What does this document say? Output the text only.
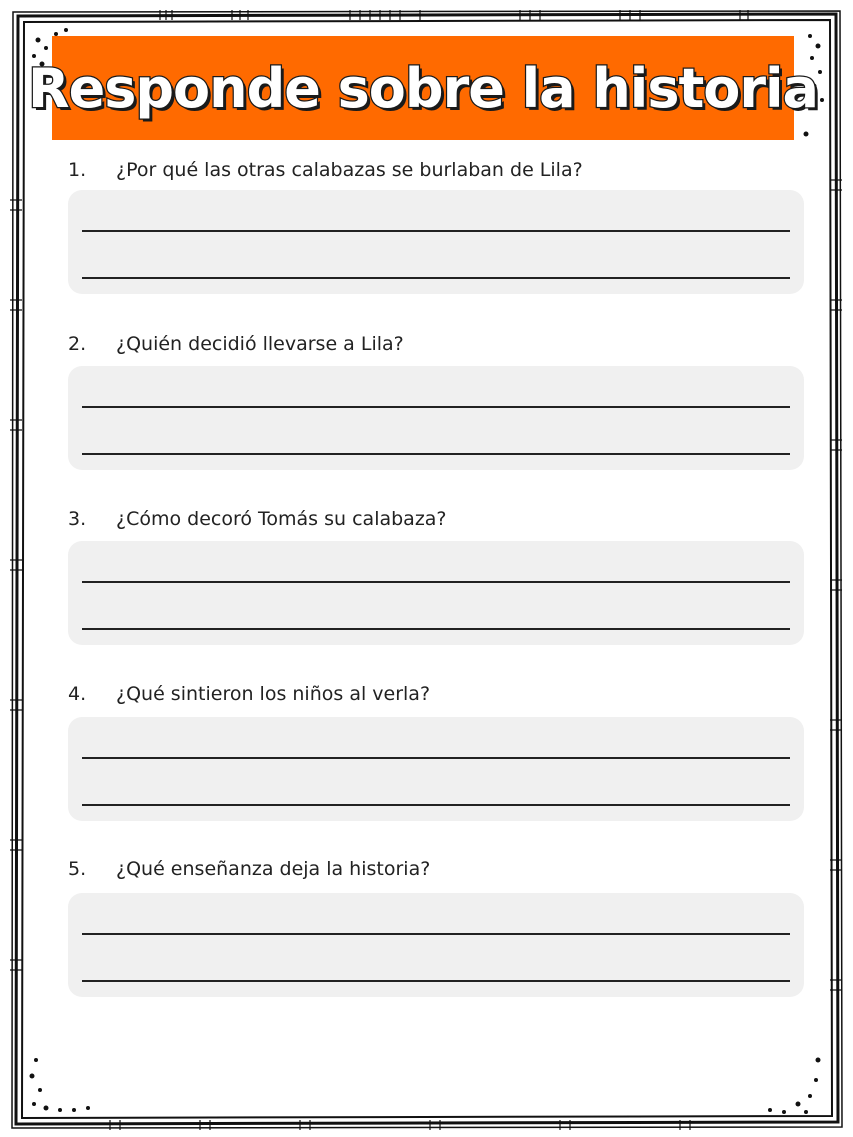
Responde sobre la historia
1.	¿Por qué las otras calabazas se burlaban de Lila?
2.	¿Quién decidió llevarse a Lila?
3.	¿Cómo decoró Tomás su calabaza?
4.	¿Qué sintieron los niños al verla?
5.	¿Qué enseñanza deja la historia?
